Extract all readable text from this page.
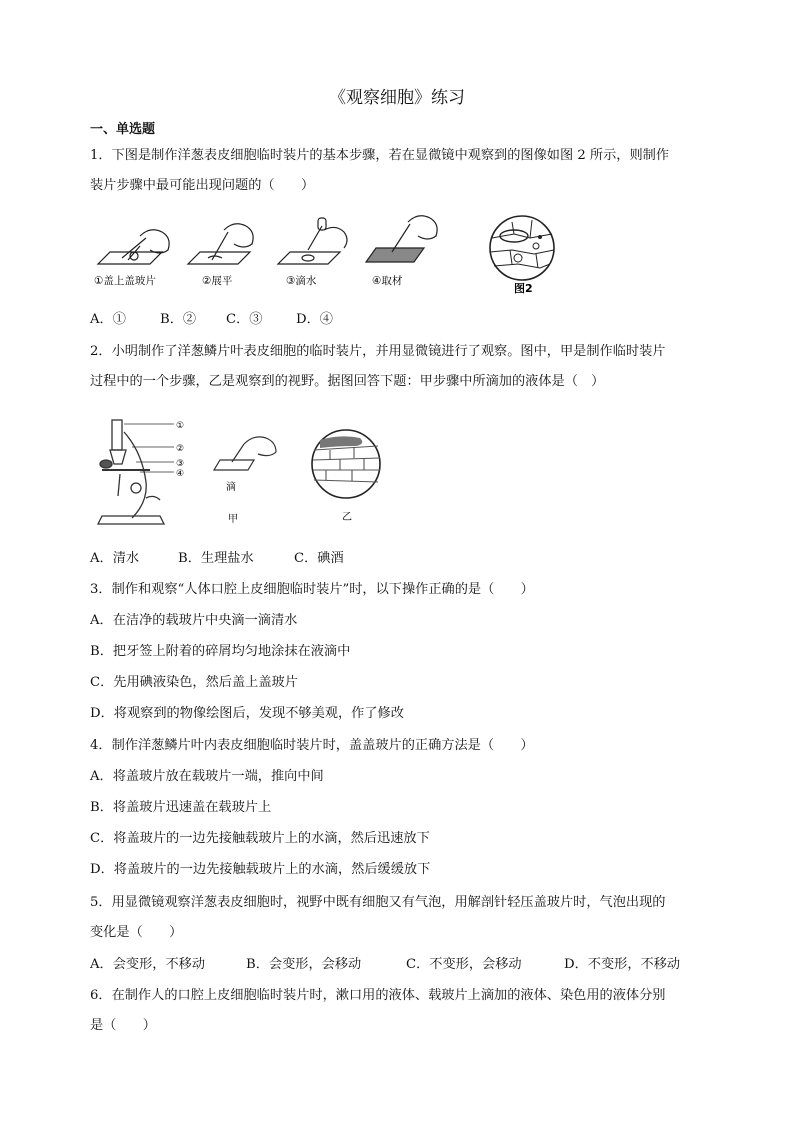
《观察细胞》练习
一、单选题
1．下图是制作洋葱表皮细胞临时装片的基本步骤，若在显微镜中观察到的图像如图 2 所示，则制作
装片步骤中最可能出现问题的（　　）
①盖上盖玻片	②展平	③滴水	④取材
图2
A．①	B．② C．③	D．④
2．小明制作了洋葱鳞片叶表皮细胞的临时装片，并用显微镜进行了观察。图中，甲是制作临时装片
过程中的一个步骤，乙是观察到的视野。据图回答下题：甲步骤中所滴加的液体是（　）
①
②
③
④
滴
甲	乙
A．清水	B．生理盐水	C．碘酒
3．制作和观察“人体口腔上皮细胞临时装片”时，以下操作正确的是（　　）
A．在洁净的载玻片中央滴一滴清水
B．把牙签上附着的碎屑均匀地涂抹在液滴中
C．先用碘液染色，然后盖上盖玻片
D．将观察到的物像绘图后，发现不够美观，作了修改
4．制作洋葱鳞片叶内表皮细胞临时装片时，盖盖玻片的正确方法是（　　）
A．将盖玻片放在载玻片一端，推向中间
B．将盖玻片迅速盖在载玻片上
C．将盖玻片的一边先接触载玻片上的水滴，然后迅速放下
D．将盖玻片的一边先接触载玻片上的水滴，然后缓缓放下
5．用显微镜观察洋葱表皮细胞时，视野中既有细胞又有气泡，用解剖针轻压盖玻片时，气泡出现的
变化是（　　）
A．会变形，不移动	B．会变形，会移动	C．不变形，会移动	D．不变形，不移动
6．在制作人的口腔上皮细胞临时装片时，漱口用的液体、载玻片上滴加的液体、染色用的液体分别
是（　　）
